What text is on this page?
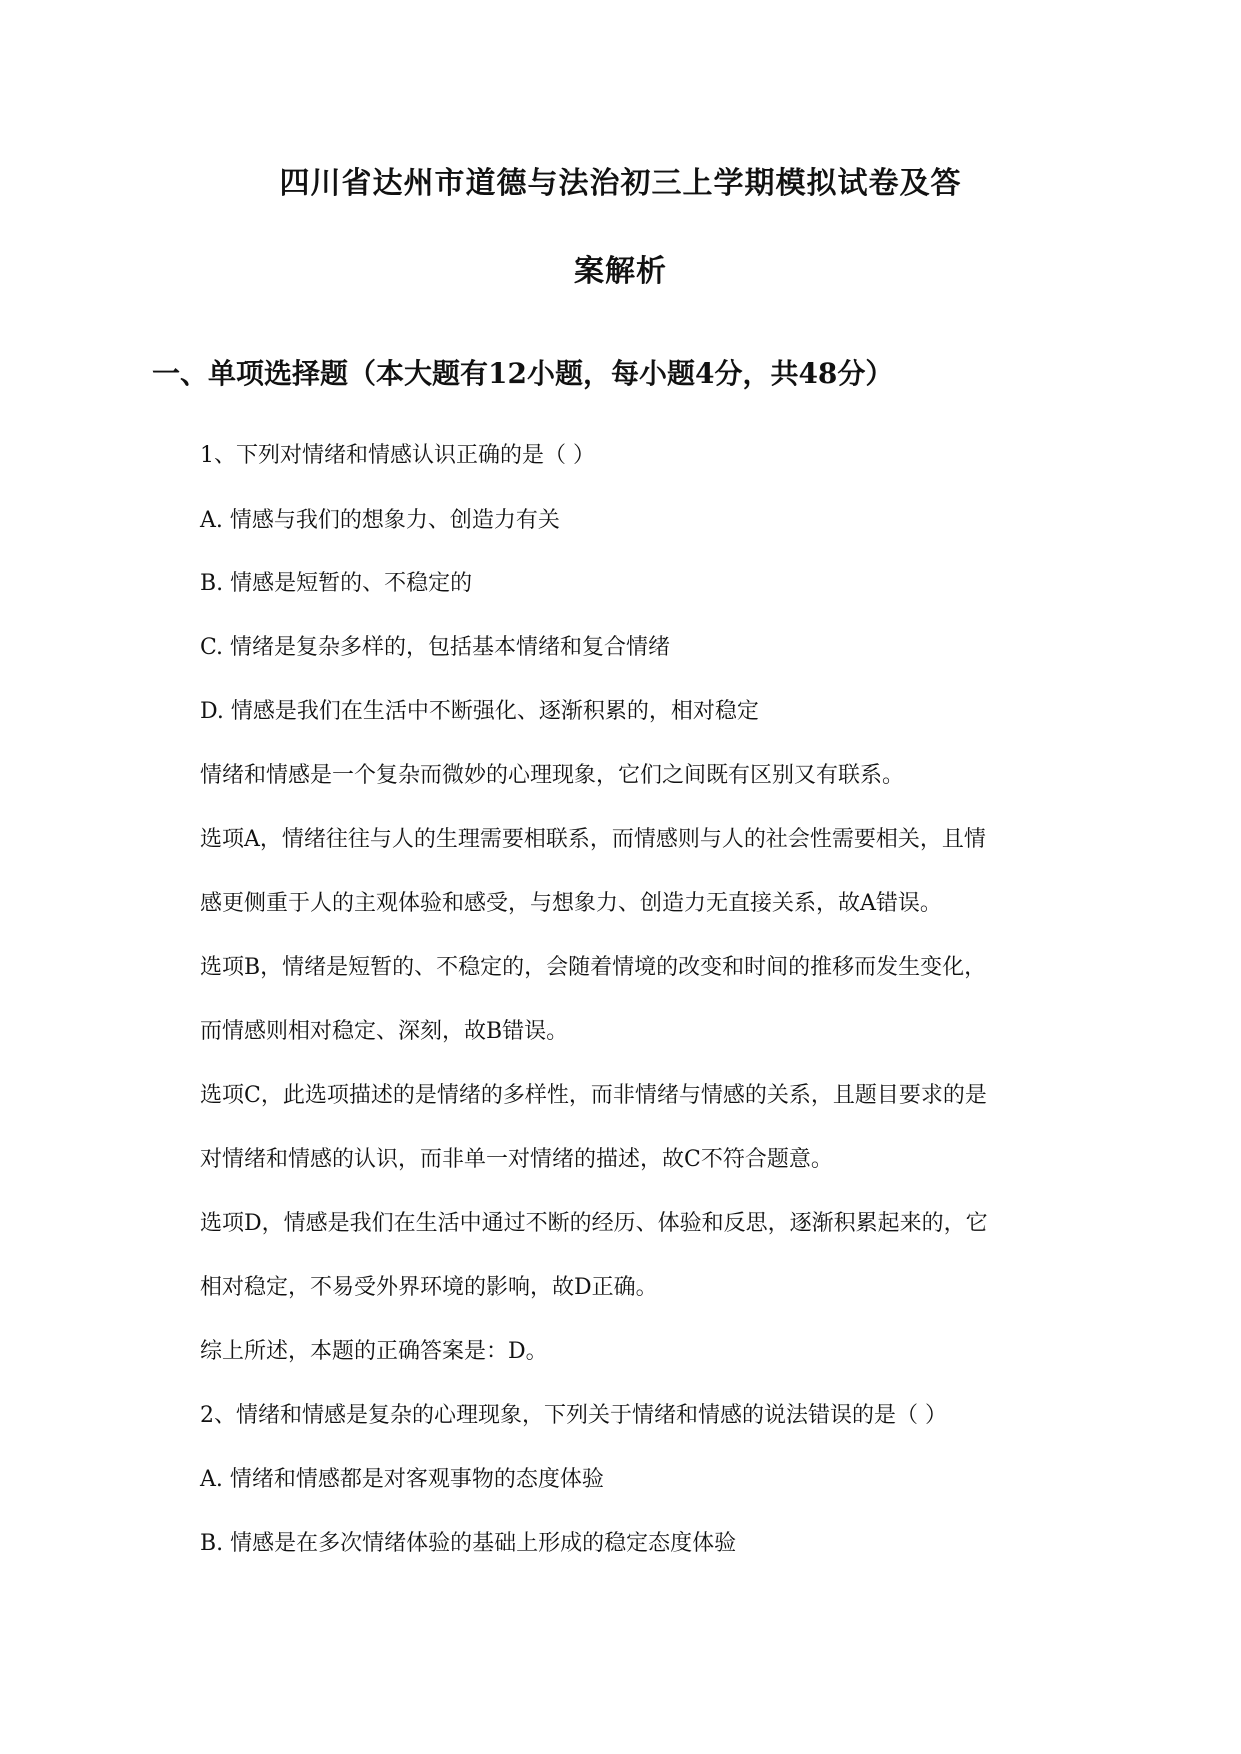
四川省达州市道德与法治初三上学期模拟试卷及答
案解析
一、单项选择题（本大题有12小题，每小题4分，共48分）
1、下列对情绪和情感认识正确的是（ ）
A. 情感与我们的想象力、创造力有关
B. 情感是短暂的、不稳定的
C. 情绪是复杂多样的，包括基本情绪和复合情绪
D. 情感是我们在生活中不断强化、逐渐积累的，相对稳定
情绪和情感是一个复杂而微妙的心理现象，它们之间既有区别又有联系。
选项A，情绪往往与人的生理需要相联系，而情感则与人的社会性需要相关，且情
感更侧重于人的主观体验和感受，与想象力、创造力无直接关系，故A错误。
选项B，情绪是短暂的、不稳定的，会随着情境的改变和时间的推移而发生变化，
而情感则相对稳定、深刻，故B错误。
选项C，此选项描述的是情绪的多样性，而非情绪与情感的关系，且题目要求的是
对情绪和情感的认识，而非单一对情绪的描述，故C不符合题意。
选项D，情感是我们在生活中通过不断的经历、体验和反思，逐渐积累起来的，它
相对稳定，不易受外界环境的影响，故D正确。
综上所述，本题的正确答案是：D。
2、情绪和情感是复杂的心理现象，下列关于情绪和情感的说法错误的是（ ）
A. 情绪和情感都是对客观事物的态度体验
B. 情感是在多次情绪体验的基础上形成的稳定态度体验
